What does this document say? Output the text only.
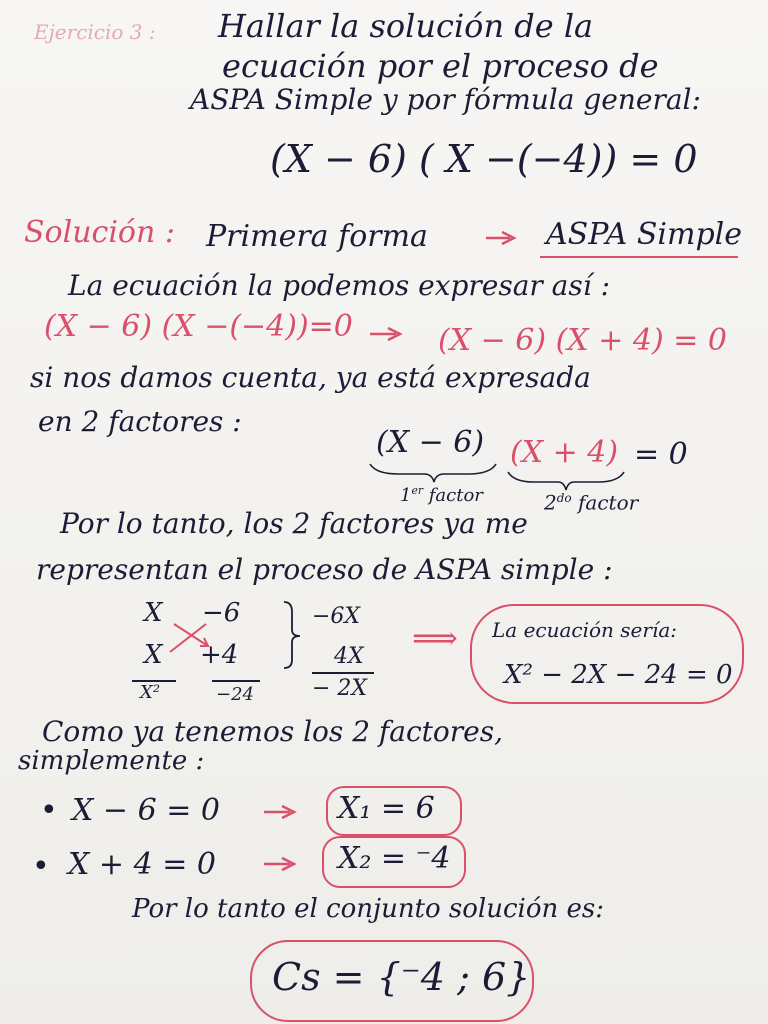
Ejercicio 3 : Hallar la solución de la
ecuación por el proceso de
ASPA Simple y por fórmula general:
(X − 6) ( X −(−4)) = 0
Solución : Primera forma	ASPA Simple
La ecuación la podemos expresar así :
(X − 6) (X −(−4))=0	(X − 6) (X + 4) = 0
si nos damos cuenta, ya está expresada
en 2 factores :
(X − 6) (X + 4) = 0
1er factor	$2^{do}$ factor
Por lo tanto, los 2 factores ya me
representan el proceso de ASPA simple :
X −6
X +4
X²	−24
−6X
4X
− 2X
⟹ La ecuación sería:
X² − 2X − 24 = 0
Como ya tenemos los 2 factores,
simplemente :
• X − 6 = 0	X₁ = 6
• X + 4 = 0	X₂ = ⁻4
Por lo tanto el conjunto solución es:
Cs = {⁻4 ; 6}
